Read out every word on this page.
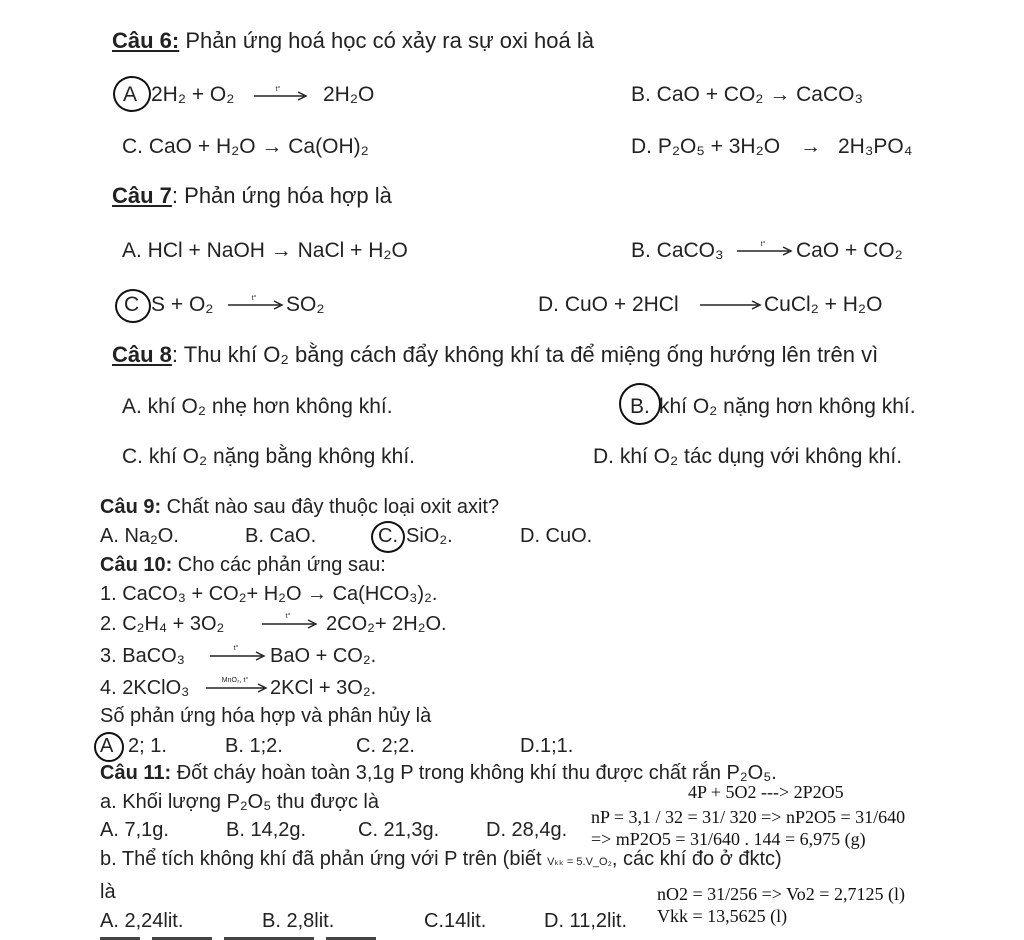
Câu 6: Phản ứng hoá học có xảy ra sự oxi hoá là
A 2H₂ + O₂	t° 2H₂O	B. CaO + CO₂ → CaCO₃
C. CaO + H₂O → Ca(OH)₂	D. P₂O₅ + 3H₂O → 2H₃PO₄
Câu 7: Phản ứng hóa hợp là
A. HCl + NaOH → NaCl + H₂O	B. CaCO₃	t° CaO + CO₂
C S + O₂	t° SO₂	D. CuO + 2HCl	CuCl₂ + H₂O
Câu 8: Thu khí O₂ bằng cách đẩy không khí ta để miệng ống hướng lên trên vì
A. khí O₂ nhẹ hơn không khí.	B. khí O₂ nặng hơn không khí.
C. khí O₂ nặng bằng không khí.	D. khí O₂ tác dụng với không khí.
Câu 9: Chất nào sau đây thuộc loại oxit axit?
A. Na₂O.	B. CaO.	C. SiO₂.	D. CuO.
Câu 10: Cho các phản ứng sau:
1. CaCO₃ + CO₂+ H₂O → Ca(HCO₃)₂.
2. C₂H₄ + 3O₂	t° 2CO₂+ 2H₂O.
3. BaCO₃	t° BaO + CO₂.
4. 2KClO₃	MnO₂, t° 2KCl + 3O₂.
Số phản ứng hóa hợp và phân hủy là
A 2; 1.	B. 1;2.	C. 2;2.	D.1;1.
Câu 11: Đốt cháy hoàn toàn 3,1g P trong không khí thu được chất rắn P₂O₅.
a. Khối lượng P₂O₅ thu được là
A. 7,1g.	B. 14,2g.	C. 21,3g. D. 28,4g.
b. Thể tích không khí đã phản ứng với P trên (biết Vₖₖ = 5.V_O₂, các khí đo ở đktc)
là
A. 2,24lit.	B. 2,8lit.	C.14lit.	D. 11,2lit.
4P + 5O2 ---> 2P2O5
nP = 3,1 / 32 = 31/ 320 => nP2O5 = 31/640
=> mP2O5 = 31/640 . 144 = 6,975 (g)
nO2 = 31/256 => Vo2 = 2,7125 (l)
Vkk = 13,5625 (l)
